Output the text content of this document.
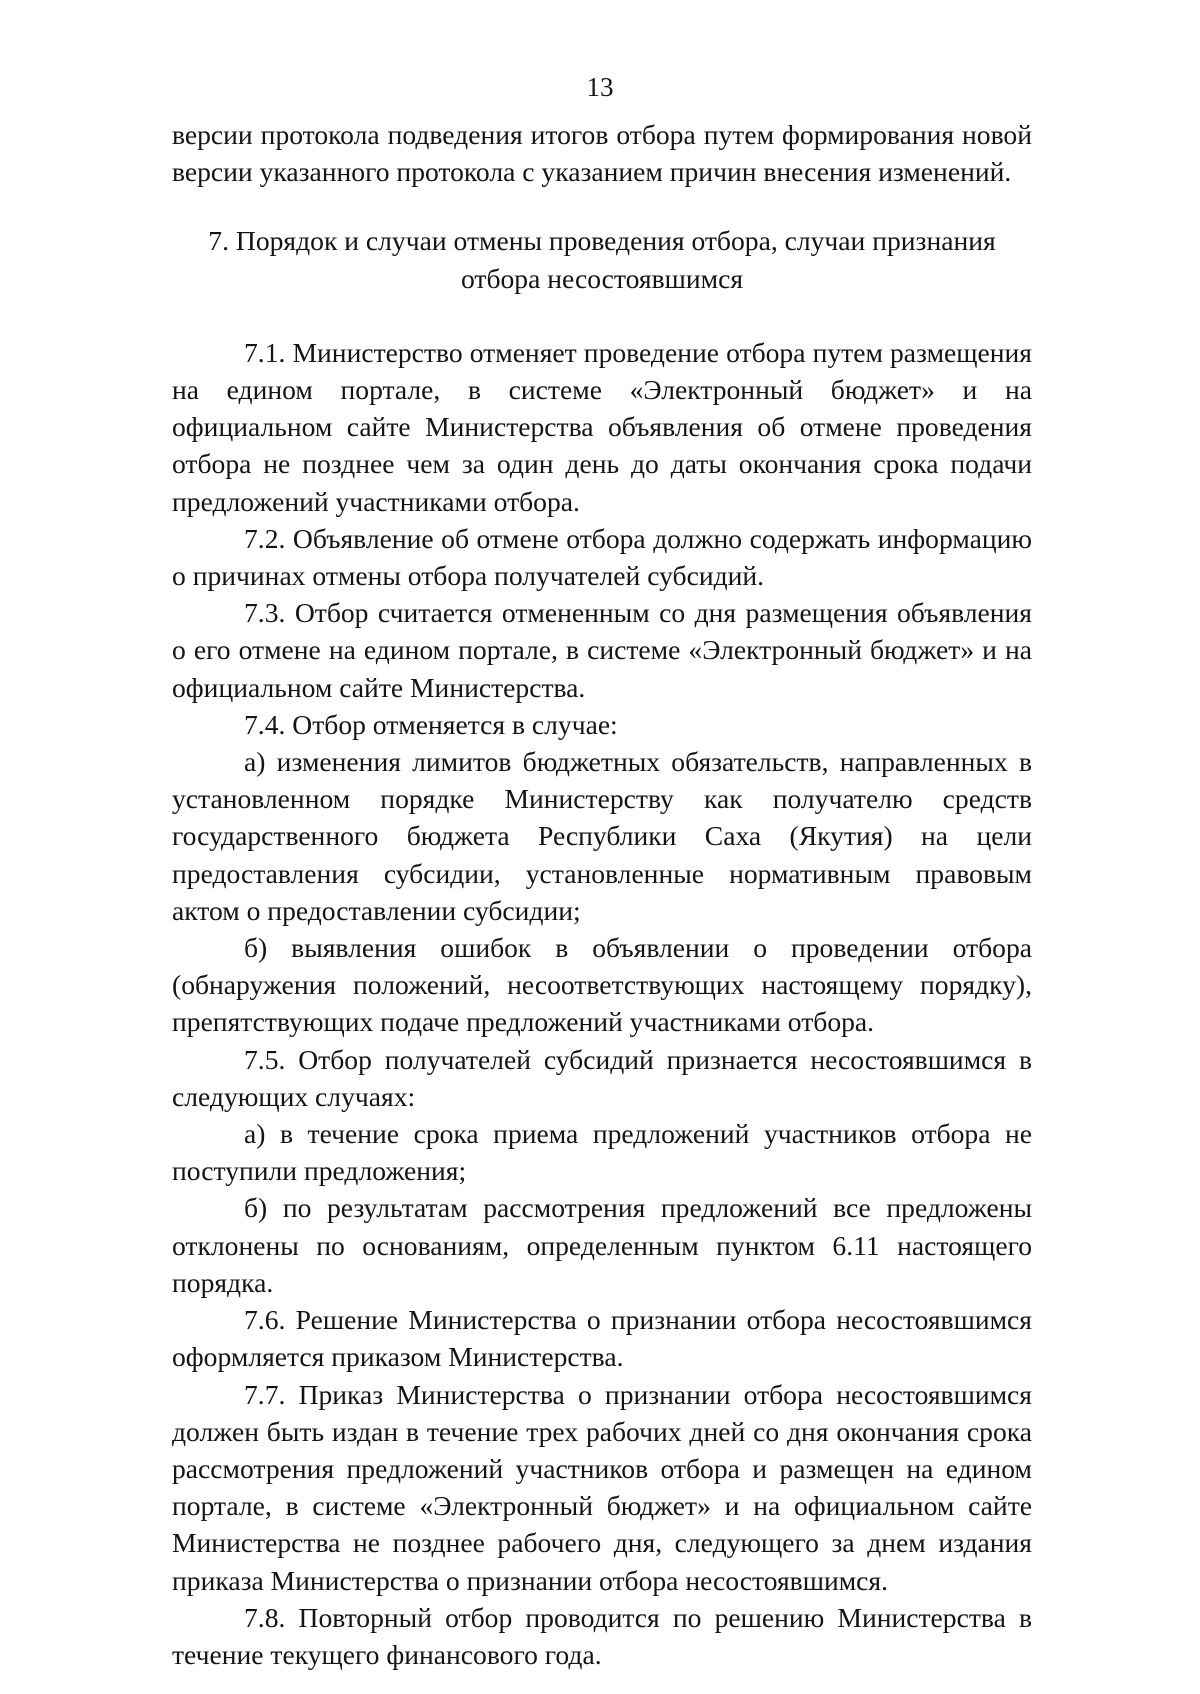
13

версии протокола подведения итогов отбора путем формирования новой версии указанного протокола с указанием причин внесения изменений.

7. Порядок и случаи отмены проведения отбора, случаи признания отбора несостоявшимся

7.1. Министерство отменяет проведение отбора путем размещения на едином портале, в системе «Электронный бюджет» и на официальном сайте Министерства объявления об отмене проведения отбора не позднее чем за один день до даты окончания срока подачи предложений участниками отбора.

7.2. Объявление об отмене отбора должно содержать информацию о причинах отмены отбора получателей субсидий.

7.3. Отбор считается отмененным со дня размещения объявления о его отмене на едином портале, в системе «Электронный бюджет» и на официальном сайте Министерства.

7.4. Отбор отменяется в случае:

а) изменения лимитов бюджетных обязательств, направленных в установленном порядке Министерству как получателю средств государственного бюджета Республики Саха (Якутия) на цели предоставления субсидии, установленные нормативным правовым актом о предоставлении субсидии;

б) выявления ошибок в объявлении о проведении отбора (обнаружения положений, несоответствующих настоящему порядку), препятствующих подаче предложений участниками отбора.

7.5. Отбор получателей субсидий признается несостоявшимся в следующих случаях:

а) в течение срока приема предложений участников отбора не поступили предложения;

б) по результатам рассмотрения предложений все предложены отклонены по основаниям, определенным пунктом 6.11 настоящего порядка.

7.6. Решение Министерства о признании отбора несостоявшимся оформляется приказом Министерства.

7.7. Приказ Министерства о признании отбора несостоявшимся должен быть издан в течение трех рабочих дней со дня окончания срока рассмотрения предложений участников отбора и размещен на едином портале, в системе «Электронный бюджет» и на официальном сайте Министерства не позднее рабочего дня, следующего за днем издания приказа Министерства о признании отбора несостоявшимся.

7.8. Повторный отбор проводится по решению Министерства в течение текущего финансового года.
